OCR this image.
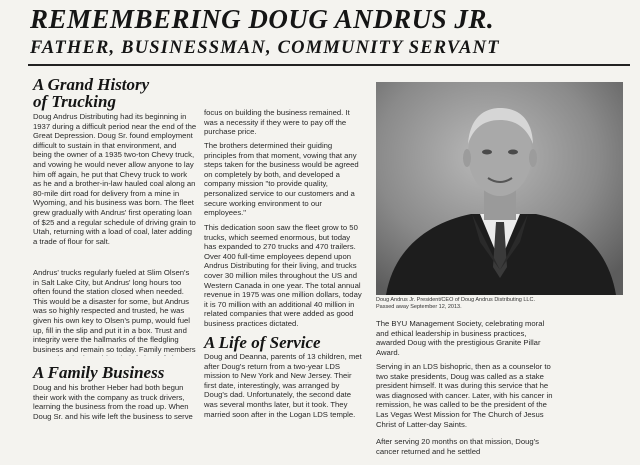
REMEMBERING DOUG ANDRUS JR.
FATHER, BUSINESSMAN, COMMUNITY SERVANT
A Grand History
of Trucking
Doug Andrus Distributing had its beginning in 1937 during a difficult period near the end of the Great Depression. Doug Sr. found employment difficult to sustain in that environment, and being the owner of a 1935 two-ton Chevy truck, and vowing he would never allow anyone to lay him off again, he put that Chevy truck to work as he and a brother-in-law hauled coal along an 80-mile dirt road for delivery from a mine in Wyoming, and his business was born. The fleet grew gradually with Andrus' first operating loan of $25 and a regular schedule of driving grain to Utah, returning with a load of coal, later adding a trade of flour for salt.
Andrus' trucks regularly fueled at Slim Olsen's in Salt Lake City, but Andrus' long hours too often found the station closed when needed. This would be a disaster for some, but Andrus was so highly respected and trusted, he was given his own key to Olsen's pump, would fuel up, fill in the slip and put it in a box. Trust and integrity were the hallmarks of the fledgling business and remain so today. Family members
A Family Business
Doug and his brother Heber had both begun their work with the company as truck drivers, learning the business from the road up. When Doug Sr. and his wife left the business to serve
focus on building the business remained. It was a necessity if they were to pay off the purchase price.
The brothers determined their guiding principles from that moment, vowing that any steps taken for the business would be agreed on completely by both, and developed a company mission "to provide quality, personalized service to our customers and a secure working environment to our employees."
This dedication soon saw the fleet grow to 50 trucks, which seemed enormous, but today has expanded to 270 trucks and 470 trailers. Over 400 full-time employees depend upon Andrus Distributing for their living, and trucks cover 30 million miles throughout the US and Western Canada in one year. The total annual revenue in 1975 was one million dollars, today it is 70 million with an additional 40 million in related companies that were added as good business practices dictated.
A Life of Service
Doug and Deanna, parents of 13 children, met after Doug's return from a two-year LDS mission to New York and New Jersey. Their first date, interestingly, was arranged by Doug's dad. Unfortunately, the second date was several months later, but it took. They married soon after in the Logan LDS temple.
Doug Andrus Jr. President/CEO of Doug Andrus Distributing LLC.
Passed away September 12, 2013.
The BYU Management Society, celebrating moral and ethical leadership in business practices, awarded Doug with the prestigious Granite Pillar Award.
Serving in an LDS bishopric, then as a counselor to two stake presidents, Doug was called as a stake president himself. It was during this service that he was diagnosed with cancer. Later, with his cancer in remission, he was called to be the president of the Las Vegas West Mission for The Church of Jesus Christ of Latter-day Saints.
After serving 20 months on that mission, Doug's cancer returned and he settled
